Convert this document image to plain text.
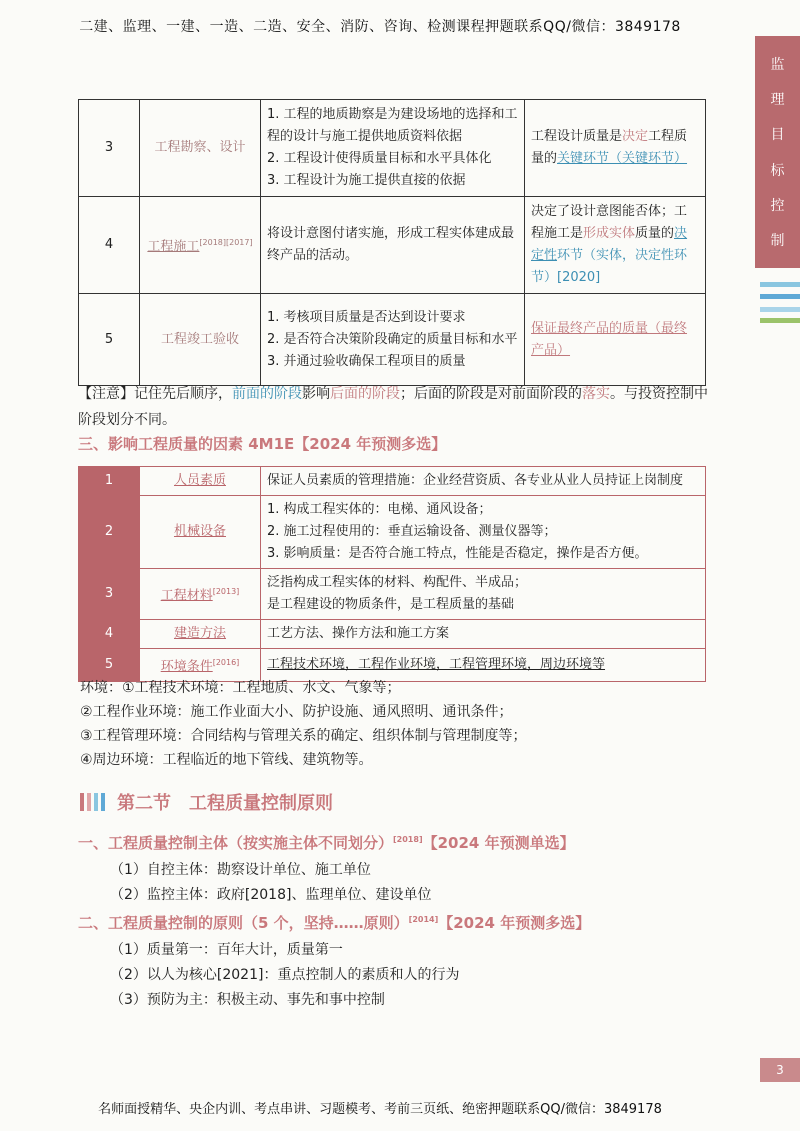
二建、监理、一建、一造、二造、安全、消防、咨询、检测课程押题联系QQ/微信：3849178
监
理
目
标
控
制
3	工程勘察、设计	1. 工程的地质勘察是为建设场地的选择和工程的设计与施工提供地质资料依据
2. 工程设计使得质量目标和水平具体化
3. 工程设计为施工提供直接的依据	工程设计质量是决定工程质量的关键环节（关键环节）
4	工程施工[2018][2017]	将设计意图付诸实施，形成工程实体建成最终产品的活动。	决定了设计意图能否体；工程施工是形成实体质量的决定性环节（实体，决定性环节）[2020]
5	工程竣工验收	1. 考核项目质量是否达到设计要求
2. 是否符合决策阶段确定的质量目标和水平
3. 并通过验收确保工程项目的质量	保证最终产品的质量（最终产品）
【注意】记住先后顺序，前面的阶段影响后面的阶段；后面的阶段是对前面阶段的落实。与投资控制中阶段划分不同。
三、影响工程质量的因素 4M1E【2024 年预测多选】
1	人员素质	保证人员素质的管理措施：企业经营资质、各专业从业人员持证上岗制度

2	机械设备	1. 构成工程实体的：电梯、通风设备；
2. 施工过程使用的：垂直运输设备、测量仪器等；
3. 影响质量：是否符合施工特点，性能是否稳定，操作是否方便。

3	工程材料[2013]	泛指构成工程实体的材料、构配件、半成品；
是工程建设的物质条件，是工程质量的基础

4	建造方法	工艺方法、操作方法和施工方案

5	环境条件[2016]	工程技术环境，工程作业环境，工程管理环境，周边环境等
环境：①工程技术环境：工程地质、水文、气象等；
②工程作业环境：施工作业面大小、防护设施、通风照明、通讯条件；
③工程管理环境：合同结构与管理关系的确定、组织体制与管理制度等；
④周边环境：工程临近的地下管线、建筑物等。
第二节　工程质量控制原则
一、工程质量控制主体（按实施主体不同划分）[2018]【2024 年预测单选】
（1）自控主体：勘察设计单位、施工单位
（2）监控主体：政府[2018]、监理单位、建设单位
二、工程质量控制的原则（5 个，坚持……原则）[2014]【2024 年预测多选】
（1）质量第一：百年大计，质量第一
（2）以人为核心[2021]：重点控制人的素质和人的行为
（3）预防为主：积极主动、事先和事中控制
3
名师面授精华、央企内训、考点串讲、习题模考、考前三页纸、绝密押题联系QQ/微信：3849178
